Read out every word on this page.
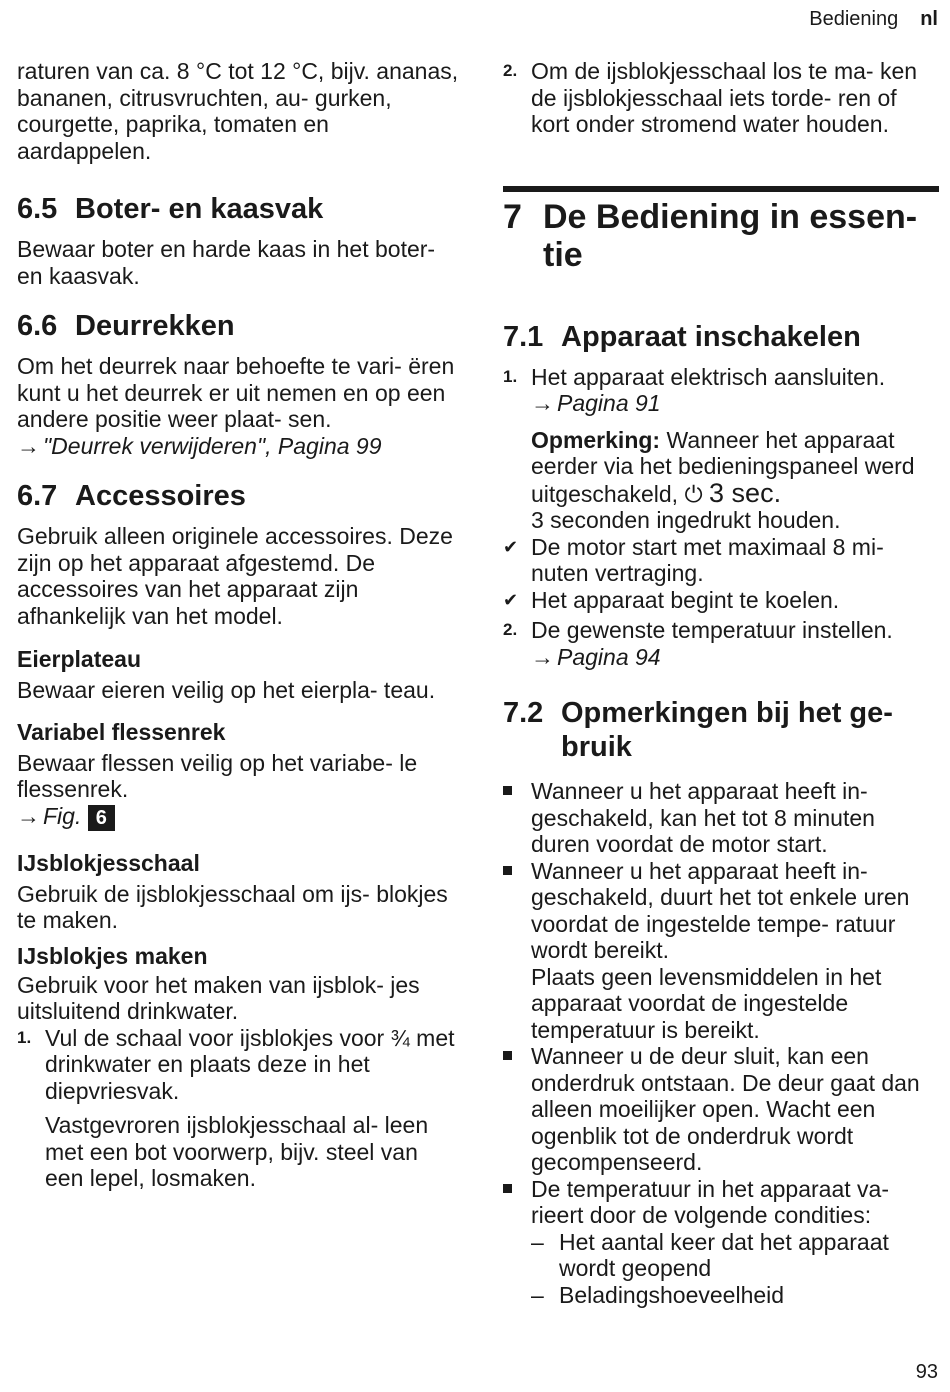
Bediening nl

raturen van ca. 8 °C tot 12 °C, bijv. ananas, bananen, citrusvruchten, au- gurken, courgette, paprika, tomaten en aardappelen.

6.5 Boter- en kaasvak

Bewaar boter en harde kaas in het boter- en kaasvak.

6.6 Deurrekken

Om het deurrek naar behoefte te vari- ëren kunt u het deurrek er uit nemen en op een andere positie weer plaat- sen.

→ "Deurrek verwijderen", Pagina 99

6.7 Accessoires

Gebruik alleen originele accessoires. Deze zijn op het apparaat afgestemd. De accessoires van het apparaat zijn afhankelijk van het model.

Eierplateau

Bewaar eieren veilig op het eierpla- teau.

Variabel flessenrek

Bewaar flessen veilig op het variabe- le flessenrek.

→ Fig. 6

IJsblokjesschaal

Gebruik de ijsblokjesschaal om ijs- blokjes te maken.

IJsblokjes maken

Gebruik voor het maken van ijsblok- jes uitsluitend drinkwater.

1. Vul de schaal voor ijsblokjes voor ¾ met drinkwater en plaats deze in het diepvriesvak.

Vastgevroren ijsblokjesschaal al- leen met een bot voorwerp, bijv. steel van een lepel, losmaken.

2. Om de ijsblokjesschaal los te ma- ken de ijsblokjesschaal iets torde- ren of kort onder stromend water houden.
7 De Bediening in essen- tie
7.1 Apparaat inschakelen
1. Het apparaat elektrisch aansluiten.

→ Pagina 91

Opmerking: Wanneer het apparaat eerder via het bedieningspaneel werd uitgeschakeld, ⏻ 3 sec.
3 seconden ingedrukt houden.

✔ De motor start met maximaal 8 mi- nuten vertraging.
✔ Het apparaat begint te koelen.
2. De gewenste temperatuur instellen.

→ Pagina 94

7.2 Opmerkingen bij het ge- bruik
Wanneer u het apparaat heeft in- geschakeld, kan het tot 8 minuten duren voordat de motor start.
Wanneer u het apparaat heeft in- geschakeld, duurt het tot enkele uren voordat de ingestelde tempe- ratuur wordt bereikt.

Plaats geen levensmiddelen in het apparaat voordat de ingestelde temperatuur is bereikt.

Wanneer u de deur sluit, kan een onderdruk ontstaan. De deur gaat dan alleen moeilijker open. Wacht een ogenblik tot de onderdruk wordt gecompenseerd.
De temperatuur in het apparaat va- rieert door de volgende condities:
– Het aantal keer dat het apparaat wordt geopend
– Beladingshoeveelheid
93
